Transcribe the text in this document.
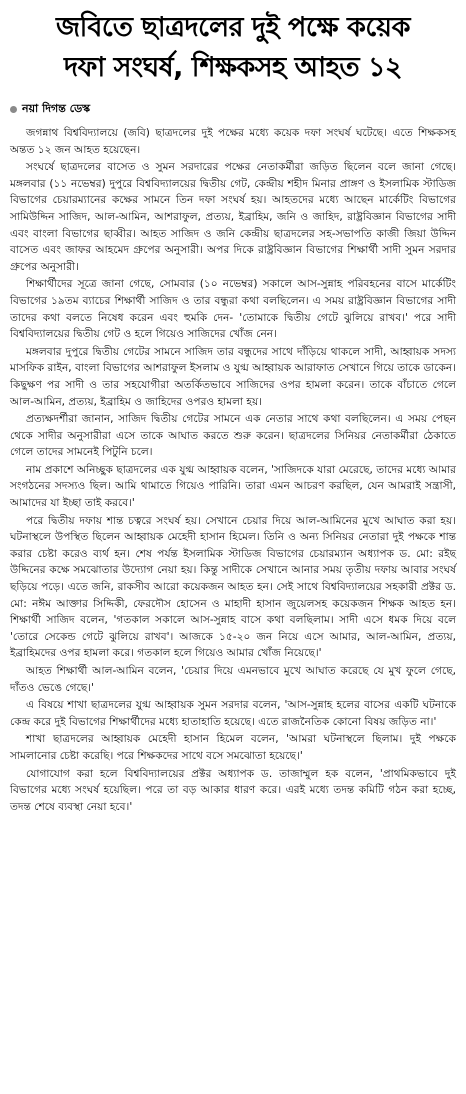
জবিতে ছাত্রদলের দুই পক্ষে কয়েক
দফা সংঘর্ষ, শিক্ষকসহ আহত ১২
নয়া দিগন্ত ডেস্ক

জগন্নাথ বিশ্ববিদ্যালয়ে (জবি) ছাত্রদলের দুই পক্ষের মধ্যে কয়েক দফা সংঘর্ষ ঘটেছে। এতে শিক্ষকসহ অন্তত ১২ জন আহত হয়েছেন।

সংঘর্ষে ছাত্রদলের বাসেত ও সুমন সরদারের পক্ষের নেতাকর্মীরা জড়িত ছিলেন বলে জানা গেছে। মঙ্গলবার (১১ নভেম্বর) দুপুরে বিশ্ববিদ্যালয়ের দ্বিতীয় গেট, কেন্দ্রীয় শহীদ মিনার প্রাঙ্গণ ও ইসলামিক স্টাডিজ বিভাগের চেয়ারম্যানের কক্ষের সামনে তিন দফা সংঘর্ষ হয়। আহতদের মধ্যে আছেন মার্কেটিং বিভাগের সামিউদ্দিন সাজিদ, আল-আমিন, আশরাফুল, প্রত্যয়, ইব্রাহিম, জনি ও জাহিদ, রাষ্ট্রবিজ্ঞান বিভাগের সাদী এবং বাংলা বিভাগের ছাব্বীর। আহত সাজিদ ও জনি কেন্দ্রীয় ছাত্রদলের সহ-সভাপতি কাজী জিয়া উদ্দিন বাসেত এবং জাফর আহমেদ গ্রুপের অনুসারী। অপর দিকে রাষ্ট্রবিজ্ঞান বিভাগের শিক্ষার্থী সাদী সুমন সরদার গ্রুপের অনুসারী।

শিক্ষার্থীদের সূত্রে জানা গেছে, সোমবার (১০ নভেম্বর) সকালে আস-সুন্নাহ পরিবহনের বাসে মার্কেটিং বিভাগের ১৯তম ব্যাচের শিক্ষার্থী সাজিদ ও তার বন্ধুরা কথা বলছিলেন। এ সময় রাষ্ট্রবিজ্ঞান বিভাগের সাদী তাদের কথা বলতে নিষেধ করেন এবং হুমকি দেন- 'তোমাকে দ্বিতীয় গেটে ঝুলিয়ে রাখব।' পরে সাদী বিশ্ববিদ্যালয়ের দ্বিতীয় গেট ও হলে গিয়েও সাজিদের খোঁজ নেন।

মঙ্গলবার দুপুরে দ্বিতীয় গেটের সামনে সাজিদ তার বন্ধুদের সাথে দাঁড়িয়ে থাকলে সাদী, আহ্বায়ক সদস্য মাসফিক রাইন, বাংলা বিভাগের আশরাফুল ইসলাম ও যুগ্ম আহ্বায়ক আরাফাত সেখানে গিয়ে তাকে ডাকেন। কিছুক্ষণ পর সাদী ও তার সহযোগীরা অতর্কিতভাবে সাজিদের ওপর হামলা করেন। তাকে বাঁচাতে গেলে আল-আমিন, প্রত্যয়, ইব্রাহিম ও জাহিদের ওপরও হামলা হয়।

প্রত্যক্ষদর্শীরা জানান, সাজিদ দ্বিতীয় গেটের সামনে এক নেতার সাথে কথা বলছিলেন। এ সময় পেছন থেকে সাদীর অনুসারীরা এসে তাকে আঘাত করতে শুরু করেন। ছাত্রদলের সিনিয়র নেতাকর্মীরা ঠেকাতে গেলে তাদের সামনেই পিটুনি চলে।

নাম প্রকাশে অনিচ্ছুক ছাত্রদলের এক যুগ্ম আহ্বায়ক বলেন, 'সাজিদকে যারা মেরেছে, তাদের মধ্যে আমার সংগঠনের সদস্যও ছিল। আমি থামাতে গিয়েও পারিনি। তারা এমন আচরণ করছিল, যেন আমরাই সন্ত্রাসী, আমাদের যা ইচ্ছা তাই করবে।'

পরে দ্বিতীয় দফায় শান্ত চত্বরে সংঘর্ষ হয়। সেখানে চেয়ার দিয়ে আল-আমিনের মুখে আঘাত করা হয়। ঘটনাস্থলে উপস্থিত ছিলেন আহ্বায়ক মেহেদী হাসান হিমেল। তিনি ও অন্য সিনিয়র নেতারা দুই পক্ষকে শান্ত করার চেষ্টা করেও ব্যর্থ হন। শেষ পর্যন্ত ইসলামিক স্টাডিজ বিভাগের চেয়ারম্যান অধ্যাপক ড. মো: রইছ উদ্দিনের কক্ষে সমঝোতার উদ্যোগ নেয়া হয়। কিন্তু সাদীকে সেখানে আনার সময় তৃতীয় দফায় আবার সংঘর্ষ ছড়িয়ে পড়ে। এতে জনি, রাকসীব আরো কয়েকজন আহত হন। সেই সাথে বিশ্ববিদ্যালয়ের সহকারী প্রক্টর ড. মো: নঈম আক্তার সিদ্দিকী, ফেরদৌস হোসেন ও মাহাদী হাসান জুয়েলসহ কয়েকজন শিক্ষক আহত হন। শিক্ষার্থী সাজিদ বলেন, 'গতকাল সকালে আস-সুন্নাহ বাসে কথা বলছিলাম। সাদী এসে ধমক দিয়ে বলে 'তোরে সেকেন্ড গেটে ঝুলিয়ে রাখব'। আজকে ১৫-২০ জন নিয়ে এসে আমার, আল-আমিন, প্রত্যয়, ইব্রাহিমদের ওপর হামলা করে। গতকাল হলে গিয়েও আমার খোঁজ নিয়েছে।'

আহত শিক্ষার্থী আল-আমিন বলেন, 'চেয়ার দিয়ে এমনভাবে মুখে আঘাত করেছে যে মুখ ফুলে গেছে, দাঁতও ভেঙে গেছে।'

এ বিষয়ে শাখা ছাত্রদলের যুগ্ম আহ্বায়ক সুমন সরদার বলেন, 'আস-সুন্নাহ হলের বাসের একটি ঘটনাকে কেন্দ্র করে দুই বিভাগের শিক্ষার্থীদের মধ্যে হাতাহাতি হয়েছে। এতে রাজনৈতিক কোনো বিষয় জড়িত না।'

শাখা ছাত্রদলের আহ্বায়ক মেহেদী হাসান হিমেল বলেন, 'আমরা ঘটনাস্থলে ছিলাম। দুই পক্ষকে সামলানোর চেষ্টা করেছি। পরে শিক্ষকদের সাথে বসে সমঝোতা হয়েছে।'

যোগাযোগ করা হলে বিশ্ববিদ্যালয়ের প্রক্টর অধ্যাপক ড. তাজাম্মুল হক বলেন, 'প্রাথমিকভাবে দুই বিভাগের মধ্যে সংঘর্ষ হয়েছিল। পরে তা বড় আকার ধারণ করে। এরই মধ্যে তদন্ত কমিটি গঠন করা হচ্ছে, তদন্ত শেষে ব্যবস্থা নেয়া হবে।'
